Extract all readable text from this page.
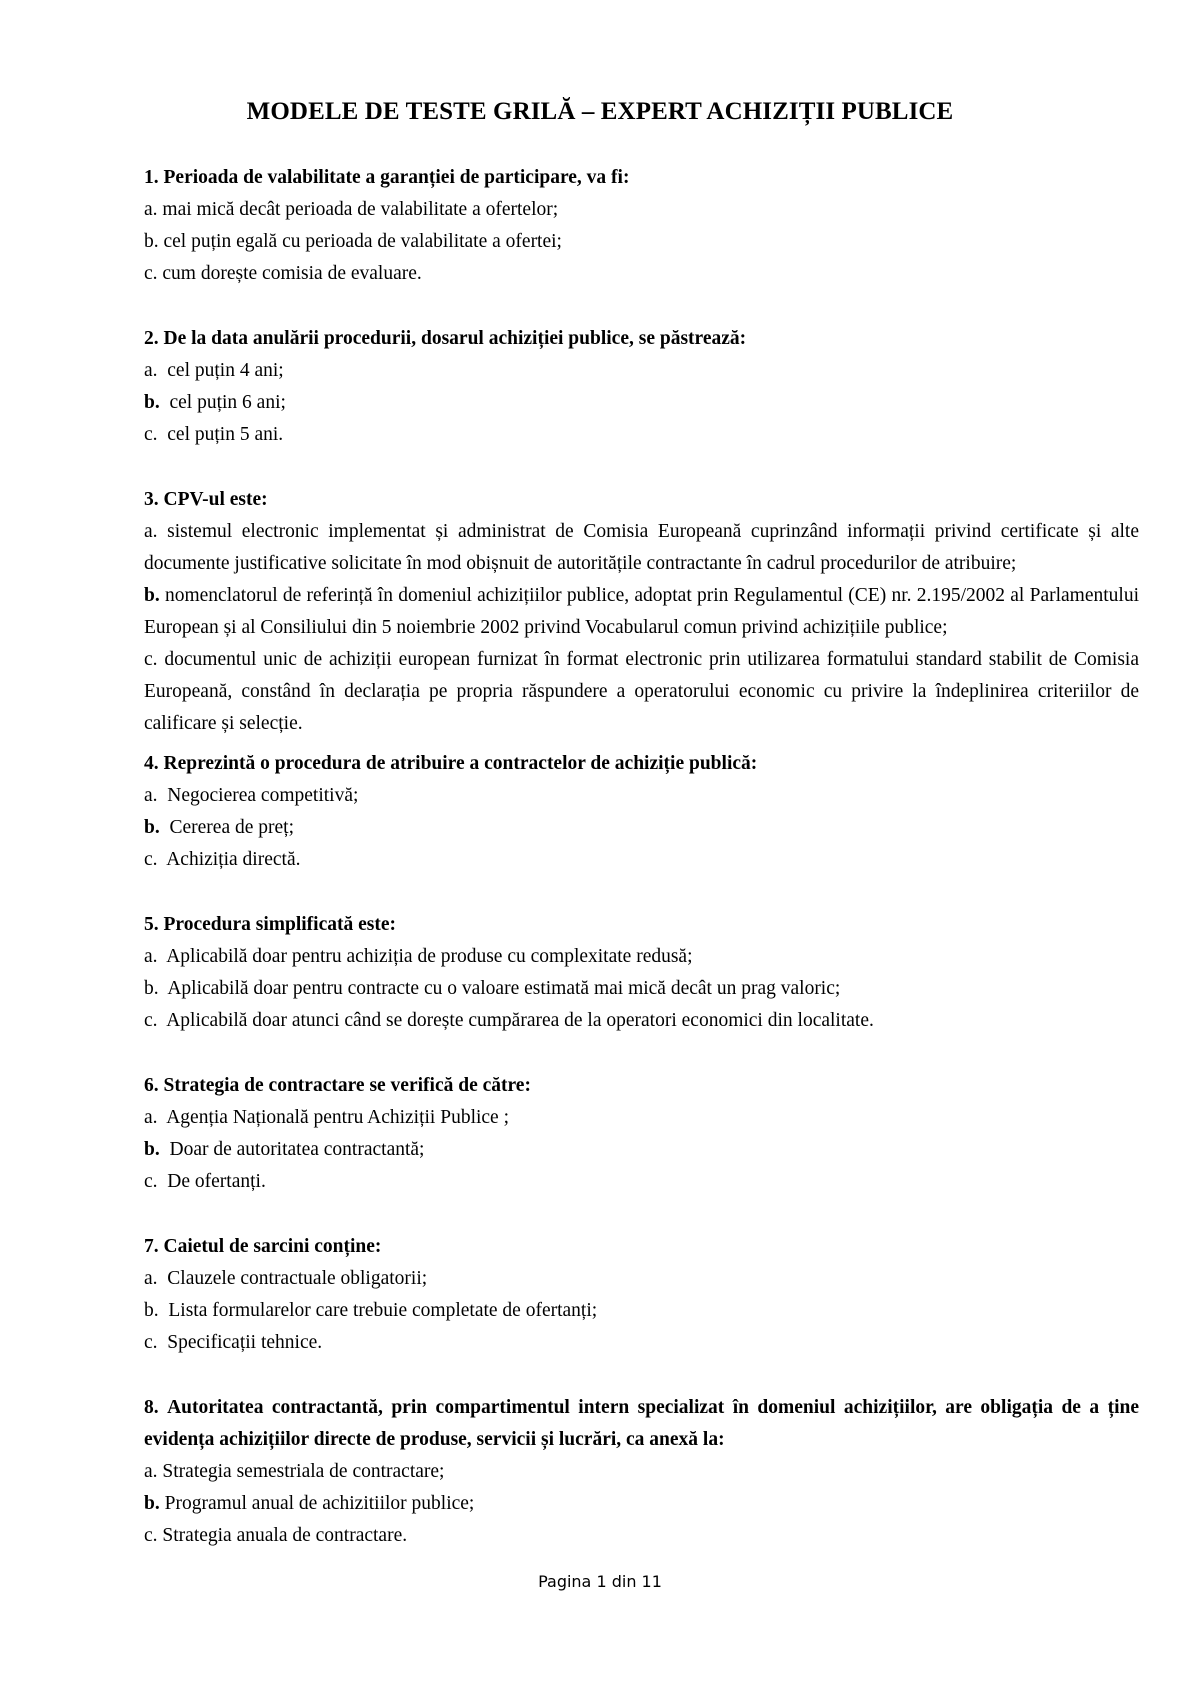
MODELE DE TESTE GRILĂ – EXPERT ACHIZIȚII PUBLICE
1. Perioada de valabilitate a garanției de participare, va fi:
a. mai mică decât perioada de valabilitate a ofertelor;
b. cel puțin egală cu perioada de valabilitate a ofertei;
c. cum dorește comisia de evaluare.
2. De la data anulării procedurii, dosarul achiziției publice, se păstrează:
a. cel puțin 4 ani;
b. cel puțin 6 ani;
c. cel puțin 5 ani.
3. CPV-ul este:
a. sistemul electronic implementat și administrat de Comisia Europeană cuprinzând informații privind certificate și alte documente justificative solicitate în mod obișnuit de autoritățile contractante în cadrul procedurilor de atribuire;
b. nomenclatorul de referință în domeniul achizițiilor publice, adoptat prin Regulamentul (CE) nr. 2.195/2002 al Parlamentului European și al Consiliului din 5 noiembrie 2002 privind Vocabularul comun privind achizițiile publice;
c. documentul unic de achiziții european furnizat în format electronic prin utilizarea formatului standard stabilit de Comisia Europeană, constând în declarația pe propria răspundere a operatorului economic cu privire la îndeplinirea criteriilor de calificare și selecție.
4. Reprezintă o procedura de atribuire a contractelor de achiziție publică:
a. Negocierea competitivă;
b. Cererea de preț;
c. Achiziția directă.
5. Procedura simplificată este:
a. Aplicabilă doar pentru achiziția de produse cu complexitate redusă;
b. Aplicabilă doar pentru contracte cu o valoare estimată mai mică decât un prag valoric;
c. Aplicabilă doar atunci când se dorește cumpărarea de la operatori economici din localitate.
6. Strategia de contractare se verifică de către:
a. Agenția Națională pentru Achiziții Publice ;
b. Doar de autoritatea contractantă;
c. De ofertanți.
7. Caietul de sarcini conține:
a. Clauzele contractuale obligatorii;
b. Lista formularelor care trebuie completate de ofertanți;
c. Specificații tehnice.
8. Autoritatea contractantă, prin compartimentul intern specializat în domeniul achizițiilor, are obligația de a ține evidența achizițiilor directe de produse, servicii și lucrări, ca anexă la:
a. Strategia semestriala de contractare;
b. Programul anual de achizitiilor publice;
c. Strategia anuala de contractare.
Pagina 1 din 11
